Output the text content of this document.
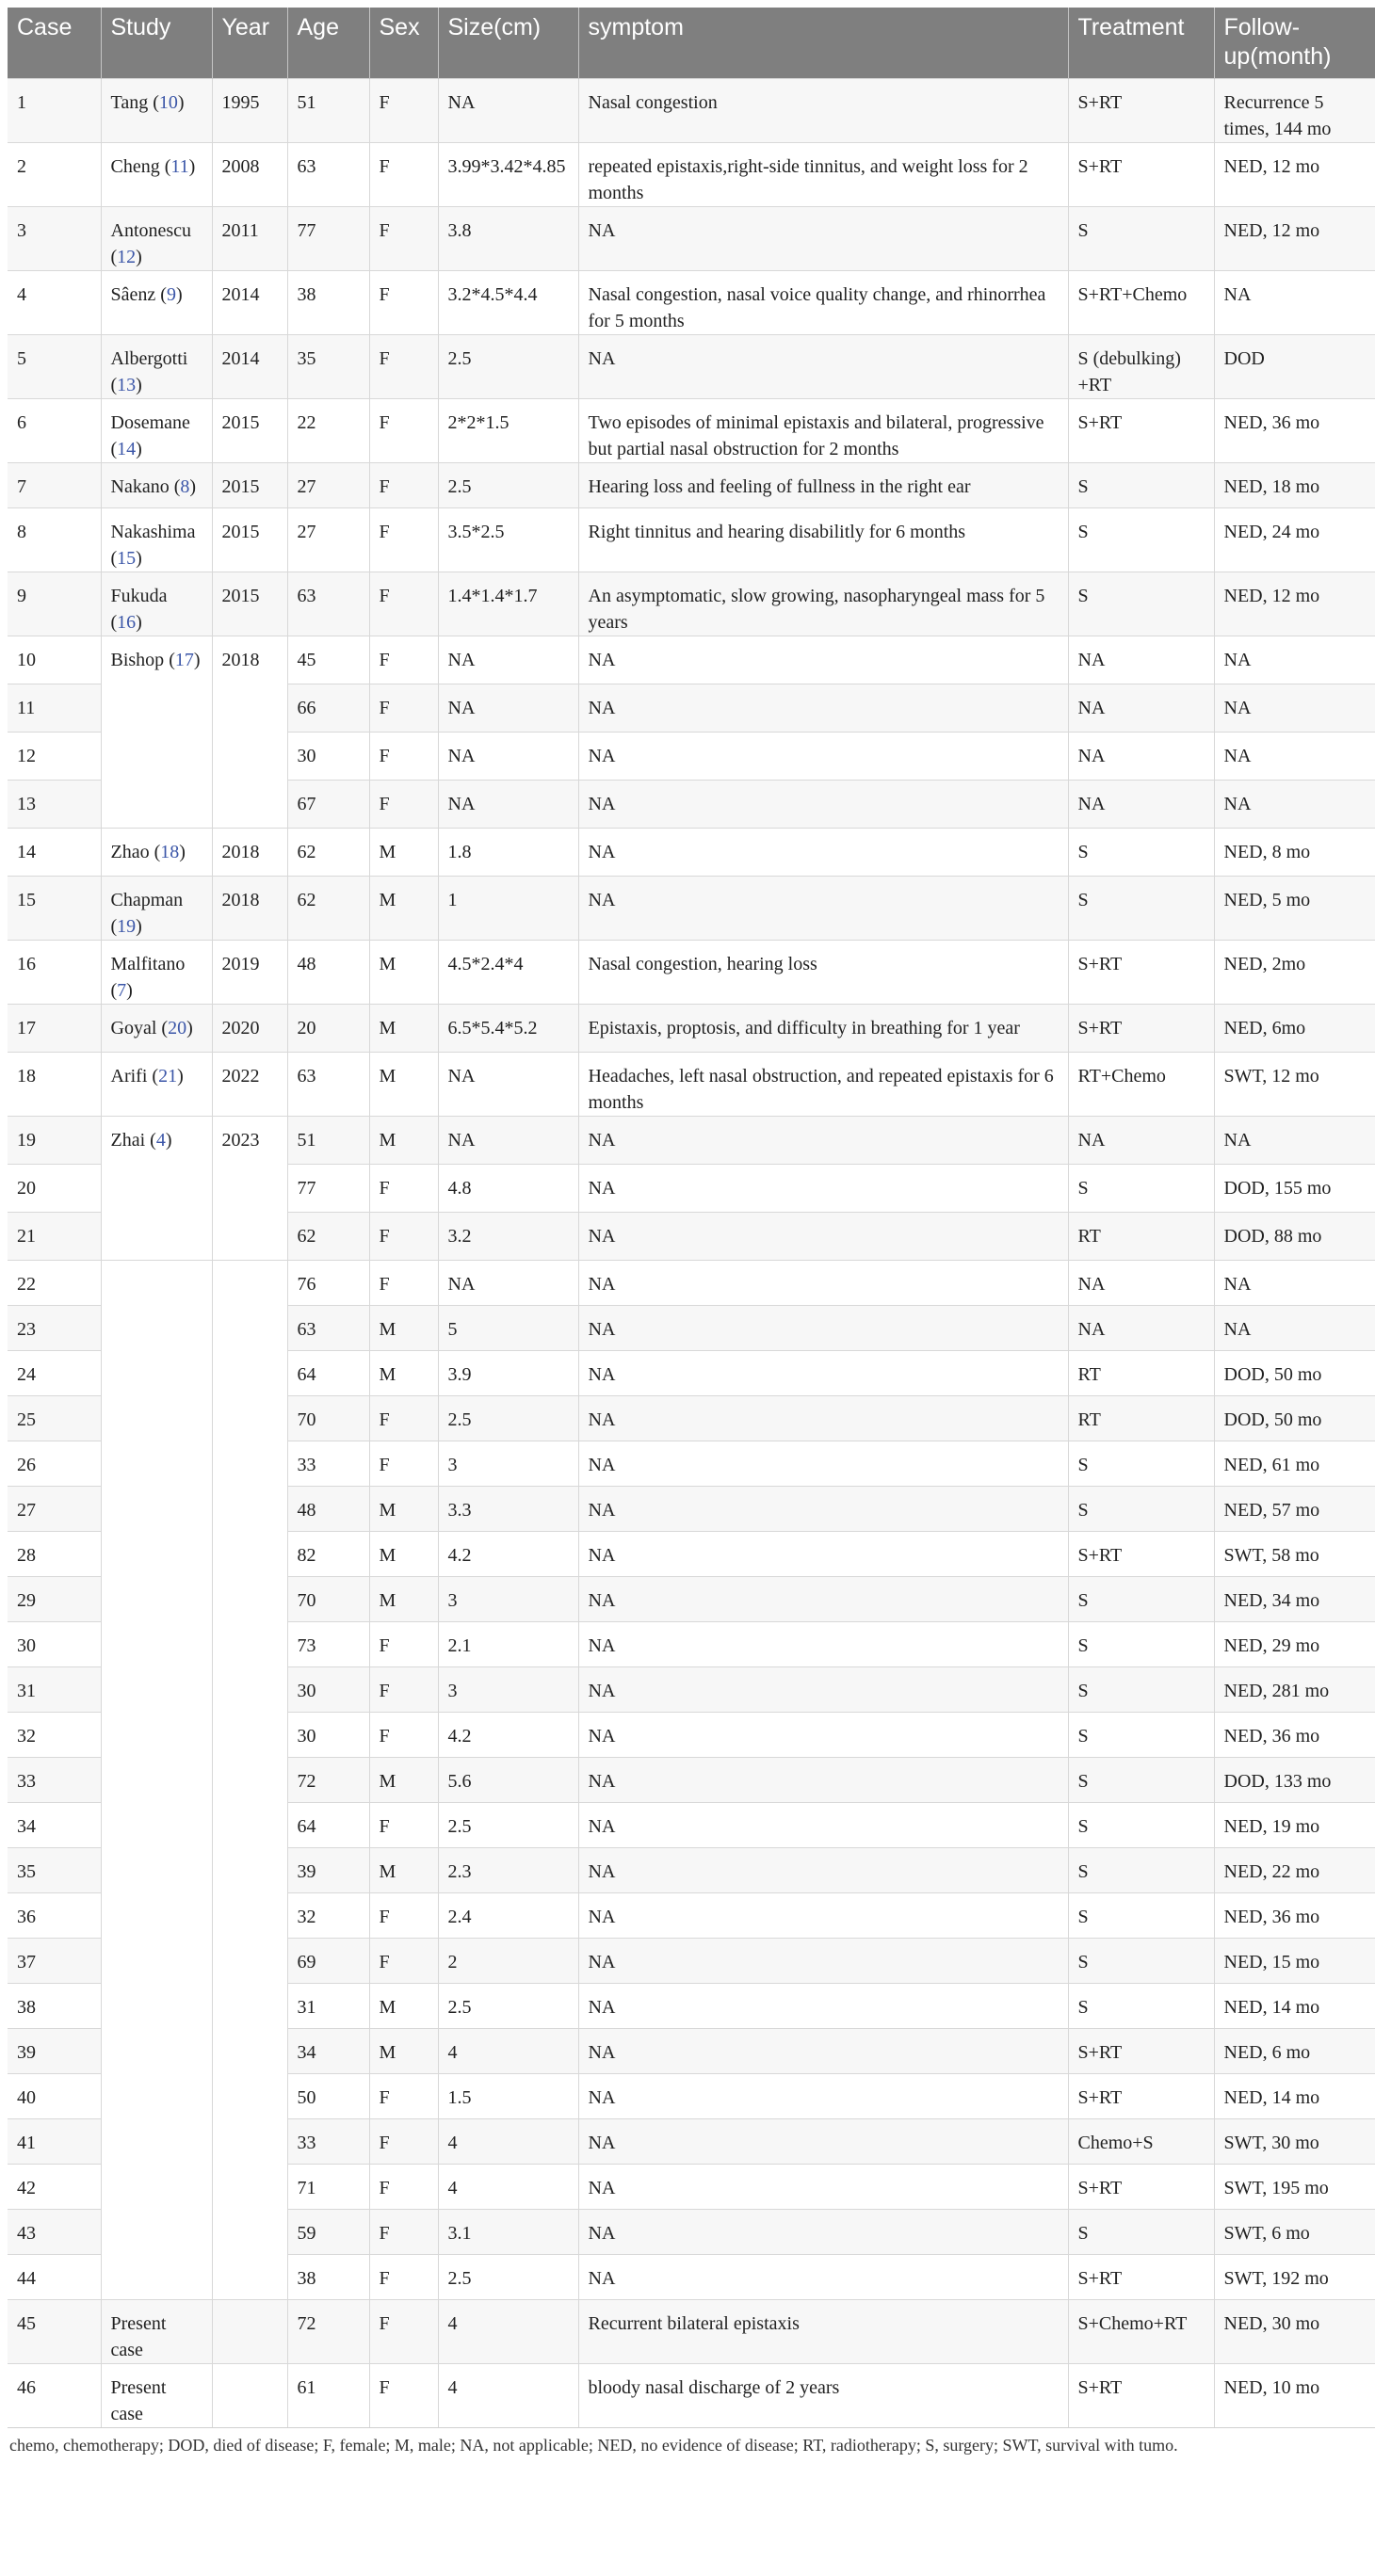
Case	Study	Year	Age	Sex	Size(cm)	symptom	Treatment	Follow-up(month)
1	Tang (10)	1995	51	F	NA	Nasal congestion	S+RT	Recurrence 5 times, 144 mo
2	Cheng (11)	2008	63	F	3.99*3.42*4.85	repeated epistaxis,right-side tinnitus, and weight loss for 2 months	S+RT	NED, 12 mo
3	Antonescu (12)	2011	77	F	3.8	NA	S	NED, 12 mo
4	Sâenz (9)	2014	38	F	3.2*4.5*4.4	Nasal congestion, nasal voice quality change, and rhinorrhea for 5 months	S+RT+Chemo	NA
5	Albergotti (13)	2014	35	F	2.5	NA	S (debulking) +RT	DOD
6	Dosemane (14)	2015	22	F	2*2*1.5	Two episodes of minimal epistaxis and bilateral, progressive but partial nasal obstruction for 2 months	S+RT	NED, 36 mo
7	Nakano (8)	2015	27	F	2.5	Hearing loss and feeling of fullness in the right ear	S	NED, 18 mo
8	Nakashima (15)	2015	27	F	3.5*2.5	Right tinnitus and hearing disabilitly for 6 months	S	NED, 24 mo
9	Fukuda (16)	2015	63	F	1.4*1.4*1.7	An asymptomatic, slow growing, nasopharyngeal mass for 5 years	S	NED, 12 mo
10	Bishop (17)	2018	45	F	NA	NA	NA	NA
11			66	F	NA	NA	NA	NA
12			30	F	NA	NA	NA	NA
13			67	F	NA	NA	NA	NA
14	Zhao (18)	2018	62	M	1.8	NA	S	NED, 8 mo
15	Chapman (19)	2018	62	M	1	NA	S	NED, 5 mo
16	Malfitano (7)	2019	48	M	4.5*2.4*4	Nasal congestion, hearing loss	S+RT	NED, 2mo
17	Goyal (20)	2020	20	M	6.5*5.4*5.2	Epistaxis, proptosis, and difficulty in breathing for 1 year	S+RT	NED, 6mo
18	Arifi (21)	2022	63	M	NA	Headaches, left nasal obstruction, and repeated epistaxis for 6 months	RT+Chemo	SWT, 12 mo
19	Zhai (4)	2023	51	M	NA	NA	NA	NA
20			77	F	4.8	NA	S	DOD, 155 mo
21			62	F	3.2	NA	RT	DOD, 88 mo
22			76	F	NA	NA	NA	NA
23			63	M	5	NA	NA	NA
24			64	M	3.9	NA	RT	DOD, 50 mo
25			70	F	2.5	NA	RT	DOD, 50 mo
26			33	F	3	NA	S	NED, 61 mo
27			48	M	3.3	NA	S	NED, 57 mo
28			82	M	4.2	NA	S+RT	SWT, 58 mo
29			70	M	3	NA	S	NED, 34 mo
30			73	F	2.1	NA	S	NED, 29 mo
31			30	F	3	NA	S	NED, 281 mo
32			30	F	4.2	NA	S	NED, 36 mo
33			72	M	5.6	NA	S	DOD, 133 mo
34			64	F	2.5	NA	S	NED, 19 mo
35			39	M	2.3	NA	S	NED, 22 mo
36			32	F	2.4	NA	S	NED, 36 mo
37			69	F	2	NA	S	NED, 15 mo
38			31	M	2.5	NA	S	NED, 14 mo
39			34	M	4	NA	S+RT	NED, 6 mo
40			50	F	1.5	NA	S+RT	NED, 14 mo
41			33	F	4	NA	Chemo+S	SWT, 30 mo
42			71	F	4	NA	S+RT	SWT, 195 mo
43			59	F	3.1	NA	S	SWT, 6 mo
44			38	F	2.5	NA	S+RT	SWT, 192 mo
45	Present case		72	F	4	Recurrent bilateral epistaxis	S+Chemo+RT	NED, 30 mo
46	Present case		61	F	4	bloody nasal discharge of 2 years	S+RT	NED, 10 mo
chemo, chemotherapy; DOD, died of disease; F, female; M, male; NA, not applicable; NED, no evidence of disease; RT, radiotherapy; S, surgery; SWT, survival with tumo.
